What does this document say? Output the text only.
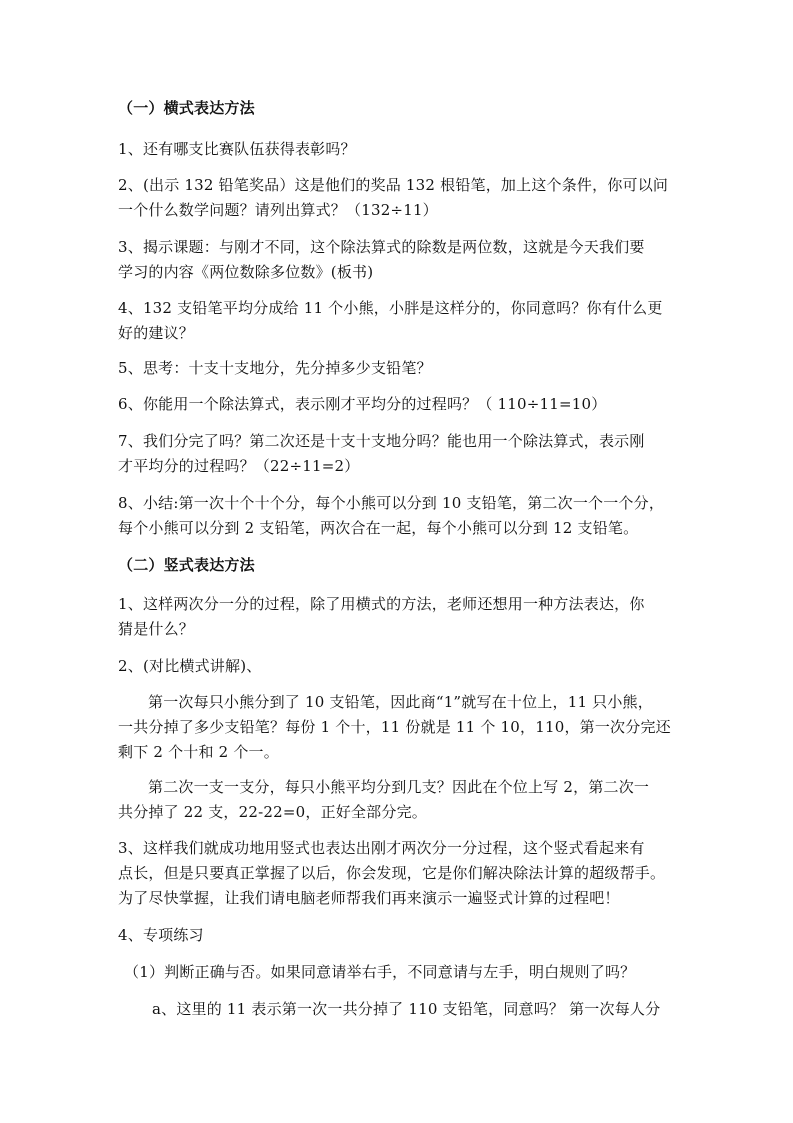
（一）横式表达方法
1、还有哪支比赛队伍获得表彰吗？
2、(出示 132 铅笔奖品）这是他们的奖品 132 根铅笔，加上这个条件，你可以问
一个什么数学问题？请列出算式？（132÷11）
3、揭示课题：与刚才不同，这个除法算式的除数是两位数，这就是今天我们要
学习的内容《两位数除多位数》(板书)
4、132 支铅笔平均分成给 11 个小熊，小胖是这样分的，你同意吗？你有什么更
好的建议？
5、思考：十支十支地分，先分掉多少支铅笔？
6、你能用一个除法算式，表示刚才平均分的过程吗？（ 110÷11=10）
7、我们分完了吗？第二次还是十支十支地分吗？能也用一个除法算式，表示刚
才平均分的过程吗？（22÷11=2）
8、小结:第一次十个十个分，每个小熊可以分到 10 支铅笔，第二次一个一个分，
每个小熊可以分到 2 支铅笔，两次合在一起，每个小熊可以分到 12 支铅笔。
（二）竖式表达方法
1、这样两次分一分的过程，除了用横式的方法，老师还想用一种方法表达，你
猜是什么？
2、(对比横式讲解)、
第一次每只小熊分到了 10 支铅笔，因此商“1”就写在十位上，11 只小熊，
一共分掉了多少支铅笔？每份 1 个十，11 份就是 11 个 10，110，第一次分完还
剩下 2 个十和 2 个一。
第二次一支一支分，每只小熊平均分到几支？因此在个位上写 2，第二次一
共分掉了 22 支，22-22=0，正好全部分完。
3、这样我们就成功地用竖式也表达出刚才两次分一分过程，这个竖式看起来有
点长，但是只要真正掌握了以后，你会发现，它是你们解决除法计算的超级帮手。
为了尽快掌握，让我们请电脑老师帮我们再来演示一遍竖式计算的过程吧！
4、专项练习
（1）判断正确与否。如果同意请举右手，不同意请与左手，明白规则了吗？
a、这里的 11 表示第一次一共分掉了 110 支铅笔，同意吗？ 第一次每人分
